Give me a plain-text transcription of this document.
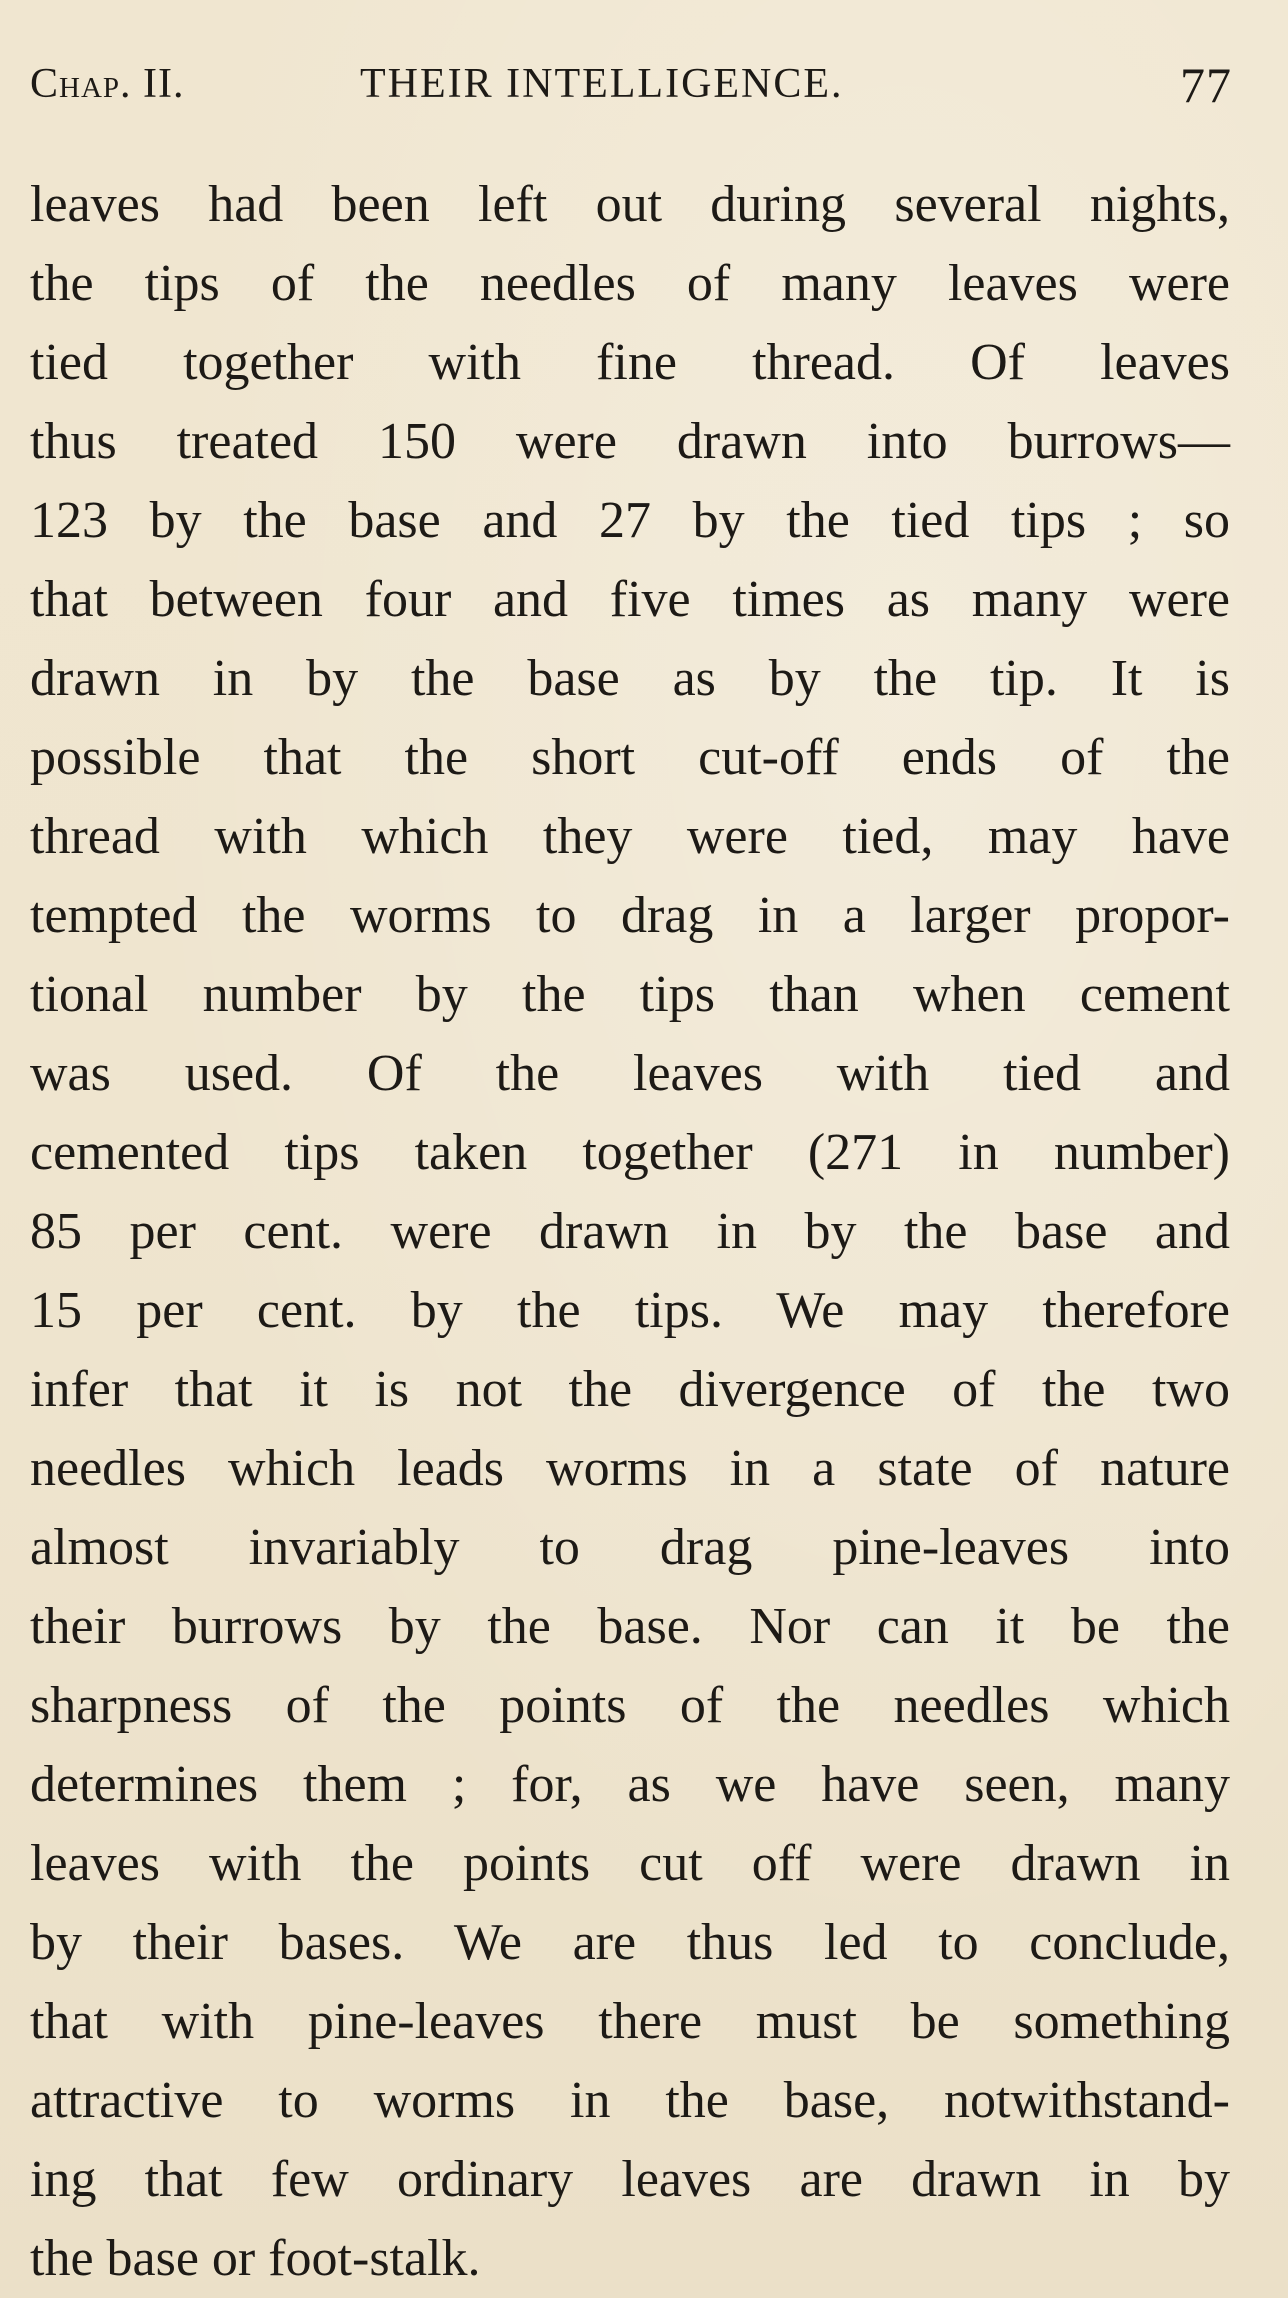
Chap. II.	THEIR INTELLIGENCE.	77
leaves had been left out during several nights,
the tips of the needles of many leaves were
tied together with fine thread. Of leaves
thus treated 150 were drawn into burrows—
123 by the base and 27 by the tied tips ; so
that between four and five times as many were
drawn in by the base as by the tip. It is
possible that the short cut-off ends of the
thread with which they were tied, may have
tempted the worms to drag in a larger propor-
tional number by the tips than when cement
was used. Of the leaves with tied and
cemented tips taken together (271 in number)
85 per cent. were drawn in by the base and
15 per cent. by the tips. We may therefore
infer that it is not the divergence of the two
needles which leads worms in a state of nature
almost invariably to drag pine-leaves into
their burrows by the base. Nor can it be the
sharpness of the points of the needles which
determines them ; for, as we have seen, many
leaves with the points cut off were drawn in
by their bases. We are thus led to conclude,
that with pine-leaves there must be something
attractive to worms in the base, notwithstand-
ing that few ordinary leaves are drawn in by
the base or foot-stalk.
